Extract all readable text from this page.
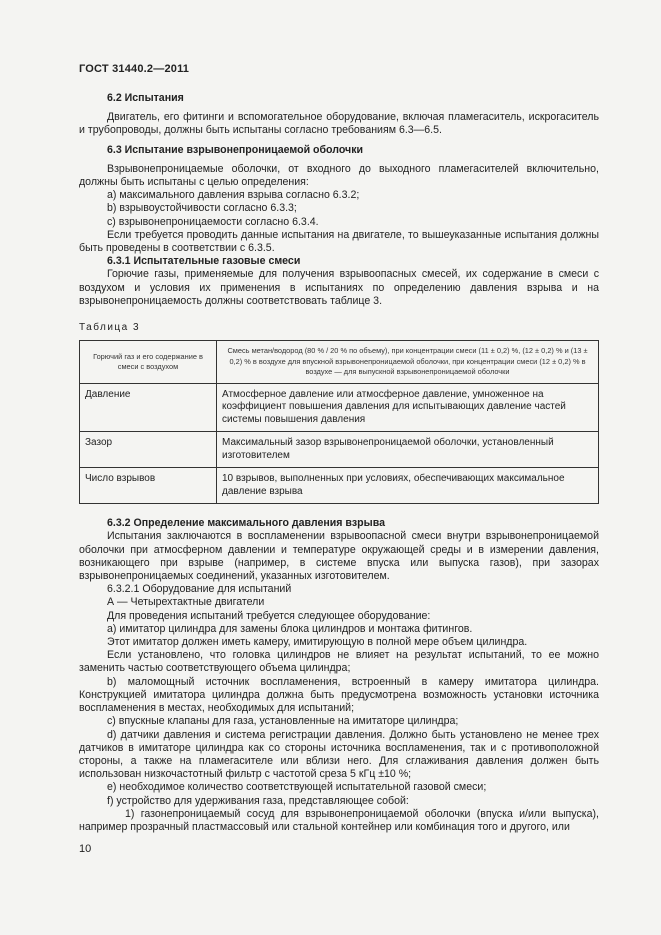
ГОСТ 31440.2—2011

6.2 Испытания

Двигатель, его фитинги и вспомогательное оборудование, включая пламегаситель, искрогаситель и трубопроводы, должны быть испытаны согласно требованиям 6.3—6.5.

6.3 Испытание взрывонепроницаемой оболочки

Взрывонепроницаемые оболочки, от входного до выходного пламегасителей включительно, должны быть испытаны с целью определения:

а) максимального давления взрыва согласно 6.3.2;

b) взрывоустойчивости согласно 6.3.3;

с) взрывонепроницаемости согласно 6.3.4.

Если требуется проводить данные испытания на двигателе, то вышеуказанные испытания должны быть проведены в соответствии с 6.3.5.

6.3.1 Испытательные газовые смеси

Горючие газы, применяемые для получения взрывоопасных смесей, их содержание в смеси с воздухом и условия их применения в испытаниях по определению давления взрыва и на взрывонепроницаемость должны соответствовать таблице 3.

Таблица 3

Горючий газ и его содержание в смеси с воздухом	Смесь метан/водород (80 % / 20 % по объему), при концентрации смеси (11 ± 0,2) %, (12 ± 0,2) % и (13 ± 0,2) % в воздухе для впускной взрывонепроницаемой оболочки, при концентрации смеси (12 ± 0,2) % в воздухе — для выпускной взрывонепроницаемой оболочки
Давление	Атмосферное давление или атмосферное давление, умноженное на коэффициент повышения давления для испытывающих давление частей системы повышения давления
Зазор	Максимальный зазор взрывонепроницаемой оболочки, установленный изготовителем
Число взрывов	10 взрывов, выполненных при условиях, обеспечивающих максимальное давление взрыва

6.3.2 Определение максимального давления взрыва

Испытания заключаются в воспламенении взрывоопасной смеси внутри взрывонепроницаемой оболочки при атмосферном давлении и температуре окружающей среды и в измерении давления, возникающего при взрыве (например, в системе впуска или выпуска газов), при зазорах взрывонепроницаемых соединений, указанных изготовителем.

6.3.2.1 Оборудование для испытаний

А — Четырехтактные двигатели

Для проведения испытаний требуется следующее оборудование:

а) имитатор цилиндра для замены блока цилиндров и монтажа фитингов.

Этот имитатор должен иметь камеру, имитирующую в полной мере объем цилиндра.

Если установлено, что головка цилиндров не влияет на результат испытаний, то ее можно заменить частью соответствующего объема цилиндра;

b) маломощный источник воспламенения, встроенный в камеру имитатора цилиндра. Конструкцией имитатора цилиндра должна быть предусмотрена возможность установки источника воспламенения в местах, необходимых для испытаний;

с) впускные клапаны для газа, установленные на имитаторе цилиндра;

d) датчики давления и система регистрации давления. Должно быть установлено не менее трех датчиков в имитаторе цилиндра как со стороны источника воспламенения, так и с противоположной стороны, а также на пламегасителе или вблизи него. Для сглаживания давления должен быть использован низкочастотный фильтр с частотой среза 5 кГц ±10 %;

е) необходимое количество соответствующей испытательной газовой смеси;

f) устройство для удерживания газа, представляющее собой:

1) газонепроницаемый сосуд для взрывонепроницаемой оболочки (впуска и/или выпуска), например прозрачный пластмассовый или стальной контейнер или комбинация того и другого, или

10
